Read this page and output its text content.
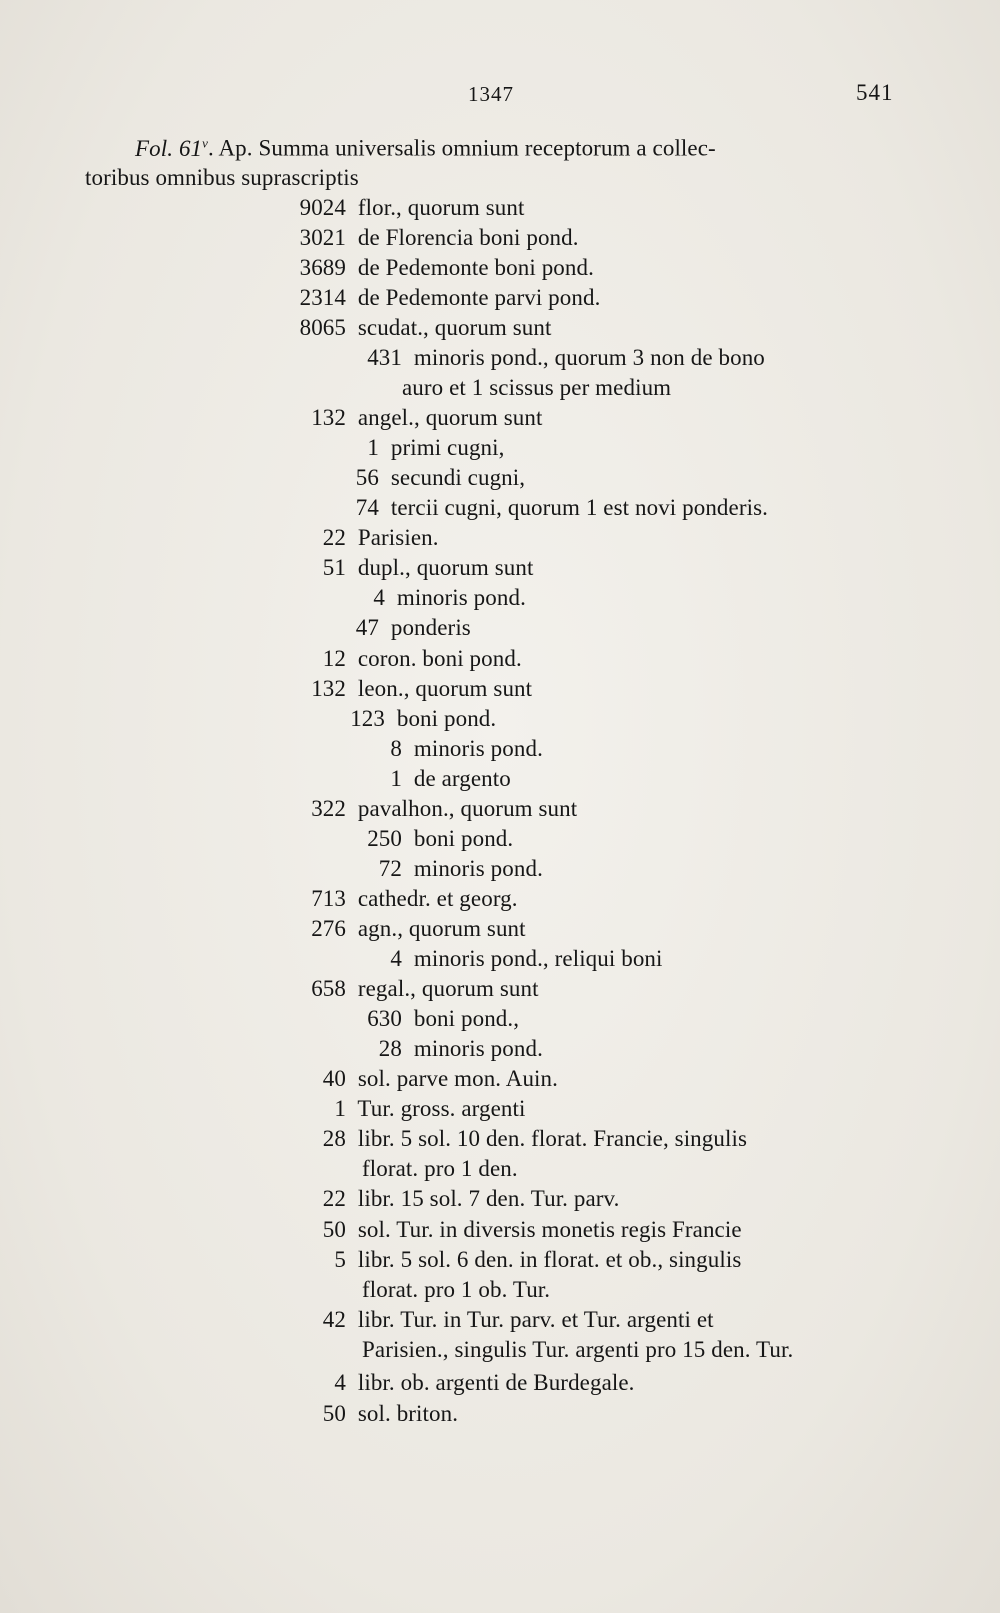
1347	541
Fol. 61$^v$. Ap. Summa universalis omnium receptorum a collec-
toribus omnibus suprascriptis
9024 flor., quorum sunt
3021 de Florencia boni pond.
3689 de Pedemonte boni pond.
2314 de Pedemonte parvi pond.
8065 scudat., quorum sunt
431 minoris pond., quorum 3 non de bono
auro et 1 scissus per medium
132 angel., quorum sunt
1 primi cugni,
56 secundi cugni,
74 tercii cugni, quorum 1 est novi ponderis.
22 Parisien.
51 dupl., quorum sunt
4 minoris pond.
47 ponderis
12 coron. boni pond.
132 leon., quorum sunt
123 boni pond.
8 minoris pond.
1 de argento
322 pavalhon., quorum sunt
250 boni pond.
72 minoris pond.
713 cathedr. et georg.
276 agn., quorum sunt
4 minoris pond., reliqui boni
658 regal., quorum sunt
630 boni pond.,
28 minoris pond.
40 sol. parve mon. Auin.
1 Tur. gross. argenti
28 libr. 5 sol. 10 den. florat. Francie, singulis
florat. pro 1 den.
22 libr. 15 sol. 7 den. Tur. parv.
50 sol. Tur. in diversis monetis regis Francie
5 libr. 5 sol. 6 den. in florat. et ob., singulis
florat. pro 1 ob. Tur.
42 libr. Tur. in Tur. parv. et Tur. argenti et
Parisien., singulis Tur. argenti pro 15 den. Tur.
4 libr. ob. argenti de Burdegale.
50 sol. briton.
